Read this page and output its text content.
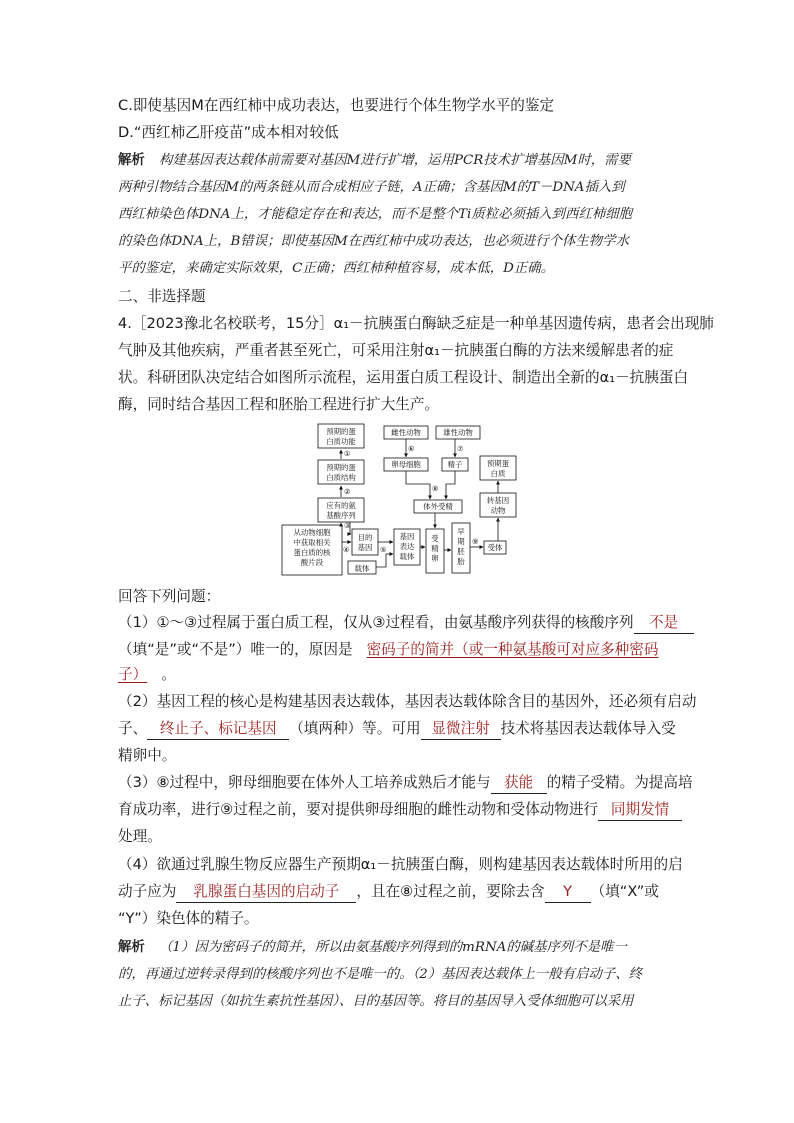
C.即使基因M在西红柿中成功表达，也要进行个体生物学水平的鉴定
D.“西红柿乙肝疫苗”成本相对较低
解析 构建基因表达载体前需要对基因M进行扩增，运用PCR技术扩增基因M时，需要
两种引物结合基因M的两条链从而合成相应子链，A正确；含基因M的T－DNA插入到
西红柿染色体DNA上，才能稳定存在和表达，而不是整个Ti质粒必须插入到西红柿细胞
的染色体DNA上，B错误；即使基因M在西红柿中成功表达，也必须进行个体生物学水
平的鉴定，来确定实际效果，C正确；西红柿种植容易，成本低，D正确。
二、非选择题
4.［2023豫北名校联考，15分］α₁－抗胰蛋白酶缺乏症是一种单基因遗传病，患者会出现肺
气肿及其他疾病，严重者甚至死亡，可采用注射α₁－抗胰蛋白酶的方法来缓解患者的症
状。科研团队决定结合如图所示流程，运用蛋白质工程设计、制造出全新的α₁－抗胰蛋白
酶，同时结合基因工程和胚胎工程进行扩大生产。
预期的蛋
白质功能
预期的蛋
白质结构
应有的氨
基酸序列
从动物细胞
中获取相关
蛋白质的核
酸片段
目的
基因
载体
基因
表达
载体
雌性动物	雄性动物
卵母细胞	精子
体外受精
受
精
卵
早
期
胚
胎
受体
预期蛋
白质
转基因
动物
①
②
③
④	⑤
⑥	⑦
⑧
⑨
回答下列问题：
（1）①～③过程属于蛋白质工程，仅从③过程看，由氨基酸序列获得的核酸序列 不是
（填“是”或“不是”）唯一的，原因是 密码子的简并（或一种氨基酸可对应多种密码
子） 。
（2）基因工程的核心是构建基因表达载体，基因表达载体除含目的基因外，还必须有启动
子、 终止子、标记基因 （填两种）等。可用 显微注射 技术将基因表达载体导入受
精卵中。
（3）⑧过程中，卵母细胞要在体外人工培养成熟后才能与 获能 的精子受精。为提高培
育成功率，进行⑨过程之前，要对提供卵母细胞的雌性动物和受体动物进行 同期发情
处理。
（4）欲通过乳腺生物反应器生产预期α₁－抗胰蛋白酶，则构建基因表达载体时所用的启
动子应为 乳腺蛋白基因的启动子 ，且在⑧过程之前，要除去含 Y （填“X”或
“Y”）染色体的精子。
解析 （1）因为密码子的简并，所以由氨基酸序列得到的mRNA的碱基序列不是唯一
的，再通过逆转录得到的核酸序列也不是唯一的。（2）基因表达载体上一般有启动子、终
止子、标记基因（如抗生素抗性基因）、目的基因等。将目的基因导入受体细胞可以采用
